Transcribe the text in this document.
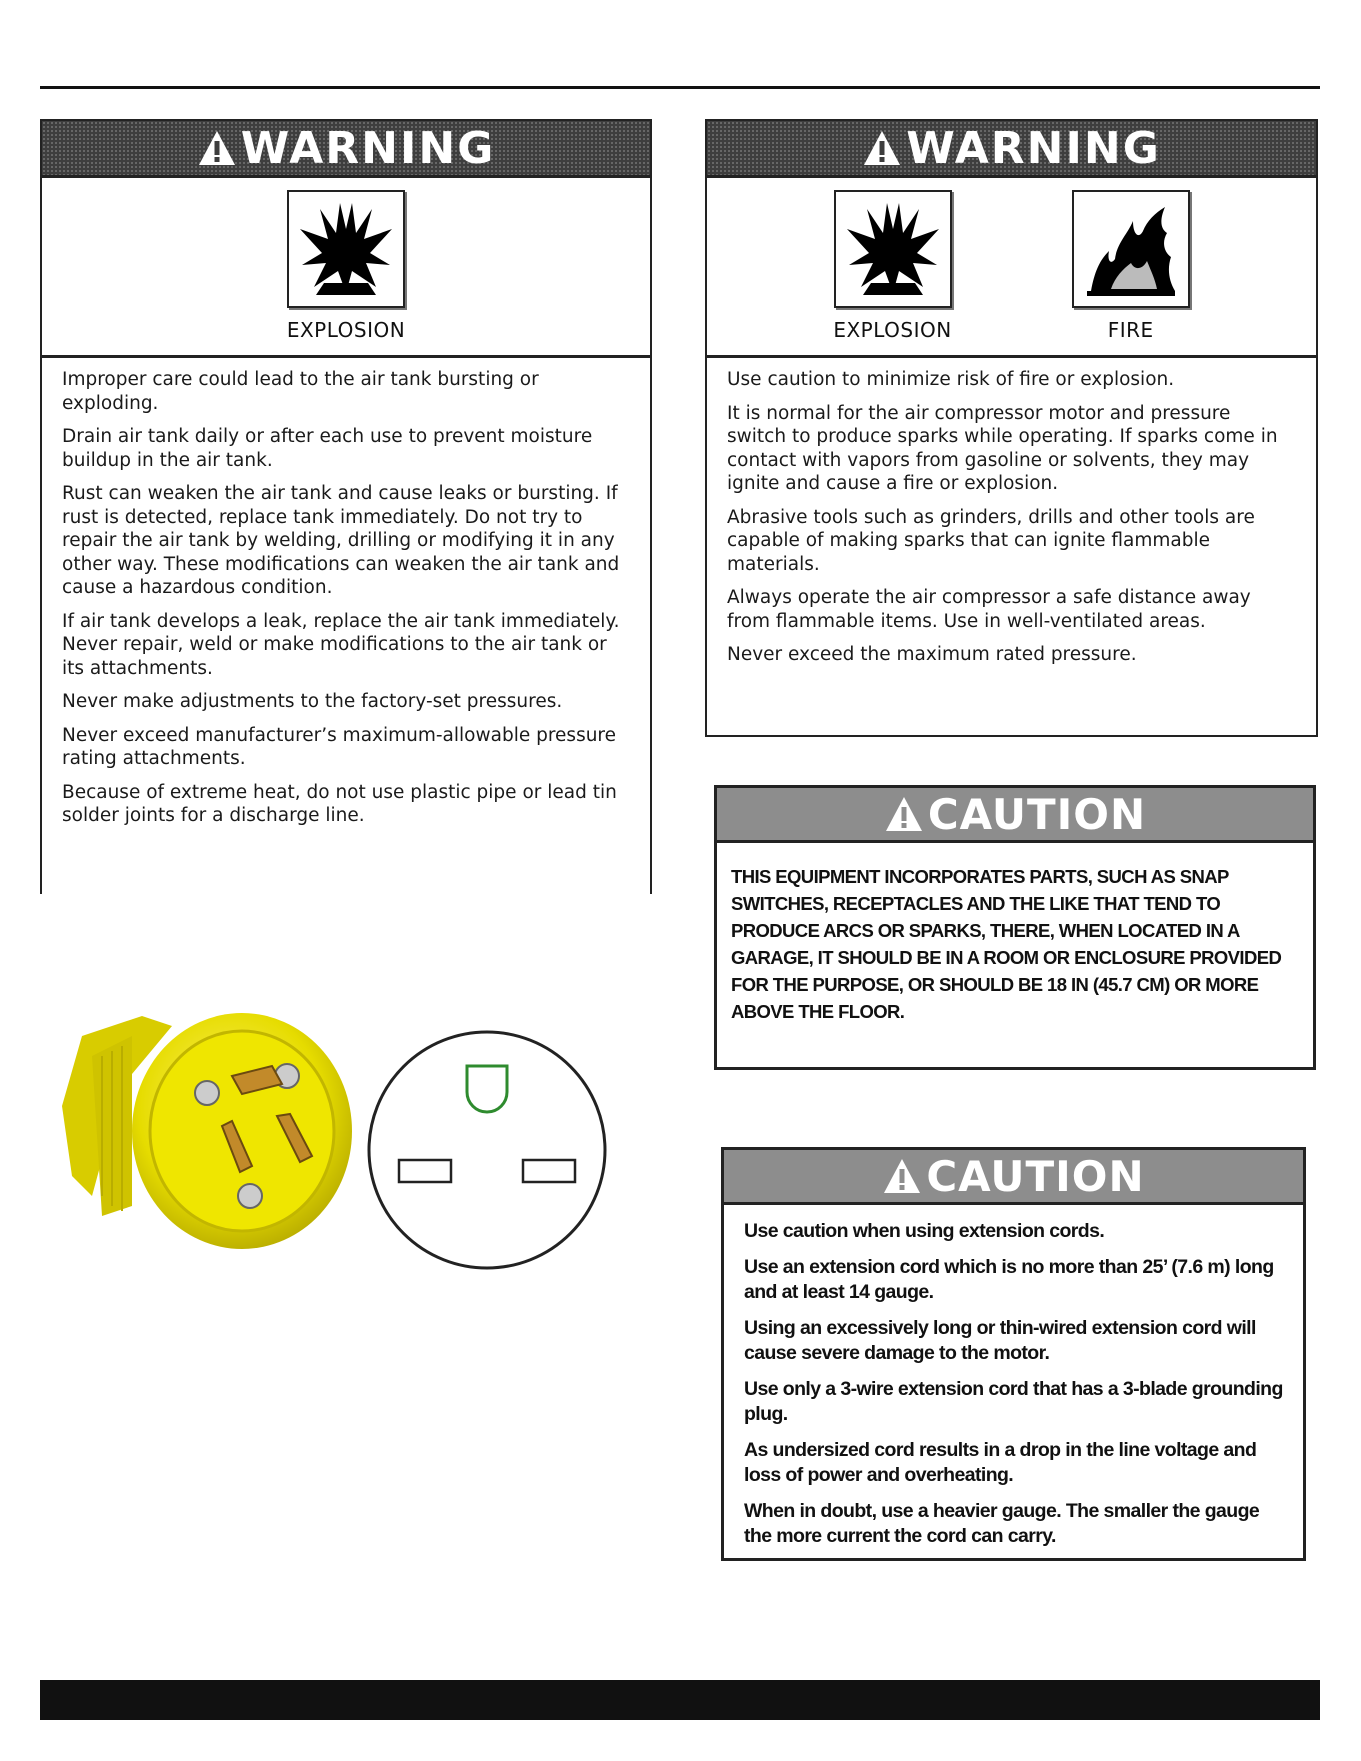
WARNING
EXPLOSION

Improper care could lead to the air tank bursting or exploding.

Drain air tank daily or after each use to prevent moisture buildup in the air tank.

Rust can weaken the air tank and cause leaks or bursting. If rust is detected, replace tank immediately. Do not try to repair the air tank by welding, drilling or modifying it in any other way. These modifications can weaken the air tank and cause a hazardous condition.

If air tank develops a leak, replace the air tank immediately. Never repair, weld or make modifications to the air tank or its attachments.

Never make adjustments to the factory-set pressures.

Never exceed manufacturer’s maximum-allowable pressure rating attachments.

Because of extreme heat, do not use plastic pipe or lead tin solder joints for a discharge line.

WARNING
EXPLOSION	FIRE

Use caution to minimize risk of fire or explosion.

It is normal for the air compressor motor and pressure switch to produce sparks while operating. If sparks come in contact with vapors from gasoline or solvents, they may ignite and cause a fire or explosion.

Abrasive tools such as grinders, drills and other tools are capable of making sparks that can ignite flammable materials.

Always operate the air compressor a safe distance away from flammable items. Use in well-ventilated areas.

Never exceed the maximum rated pressure.

CAUTION
THIS EQUIPMENT INCORPORATES PARTS, SUCH AS SNAP SWITCHES, RECEPTACLES AND THE LIKE THAT TEND TO PRODUCE ARCS OR SPARKS, THERE, WHEN LOCATED IN A GARAGE, IT SHOULD BE IN A ROOM OR ENCLOSURE PROVIDED FOR THE PURPOSE, OR SHOULD BE 18 IN (45.7 CM) OR MORE ABOVE THE FLOOR.
CAUTION

Use caution when using extension cords.

Use an extension cord which is no more than 25’ (7.6 m) long and at least 14 gauge.

Using an excessively long or thin-wired extension cord will cause severe damage to the motor.

Use only a 3-wire extension cord that has a 3-blade grounding plug.

As undersized cord results in a drop in the line voltage and loss of power and overheating.

When in doubt, use a heavier gauge. The smaller the gauge the more current the cord can carry.
